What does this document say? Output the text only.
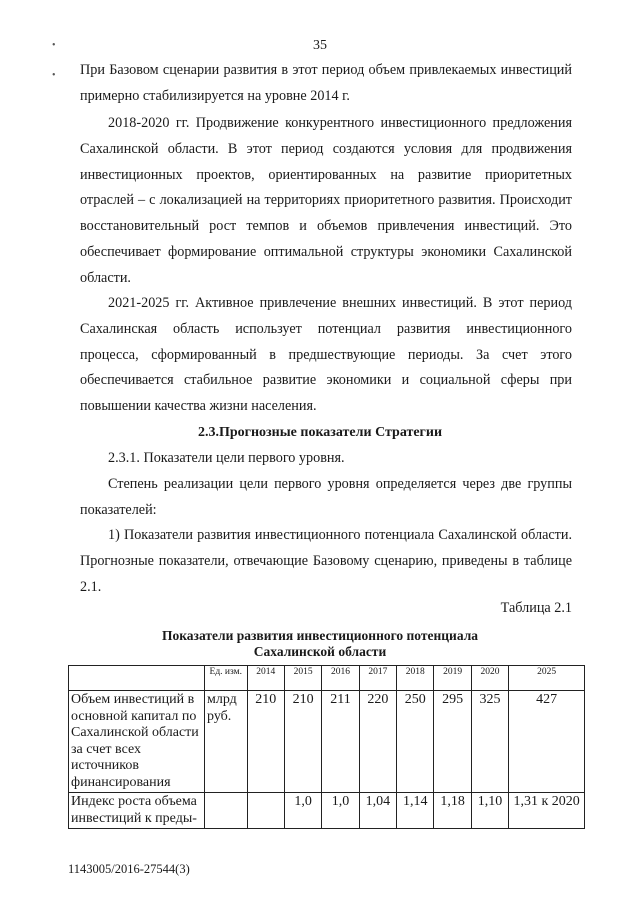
•
•
35
При Базовом сценарии развития в этот период объем привлекаемых инвестиций примерно стабилизируется на уровне 2014 г.
2018-2020 гг. Продвижение конкурентного инвестиционного предложения Сахалинской области. В этот период создаются условия для продвижения инвестиционных проектов, ориентированных на развитие приоритетных отраслей – с локализацией на территориях приоритетного развития. Происходит восстановительный рост темпов и объемов привлечения инвестиций. Это обеспечивает формирование оптимальной структуры экономики Сахалинской области.
2021-2025 гг. Активное привлечение внешних инвестиций. В этот период Сахалинская область использует потенциал развития инвестиционного процесса, сформированный в предшествующие периоды. За счет этого обеспечивается стабильное развитие экономики и социальной сферы при повышении качества жизни населения.
2.3.Прогнозные показатели Стратегии
2.3.1. Показатели цели первого уровня.
Степень реализации цели первого уровня определяется через две группы показателей:
1) Показатели развития инвестиционного потенциала Сахалинской области. Прогнозные показатели, отвечающие Базовому сценарию, приведены в таблице 2.1.
Таблица 2.1
Показатели развития инвестиционного потенциала
Сахалинской области
	Ед. изм.	2014	2015	2016	2017	2018	2019	2020	2025
Объем инвестиций в основной капитал по Сахалинской области за счет всех источников финансирования	млрд руб.	210	210	211	220	250	295	325	427
Индекс роста объема инвестиций к преды-			1,0	1,0	1,04	1,14	1,18	1,10	1,31 к 2020
1143005/2016-27544(3)
